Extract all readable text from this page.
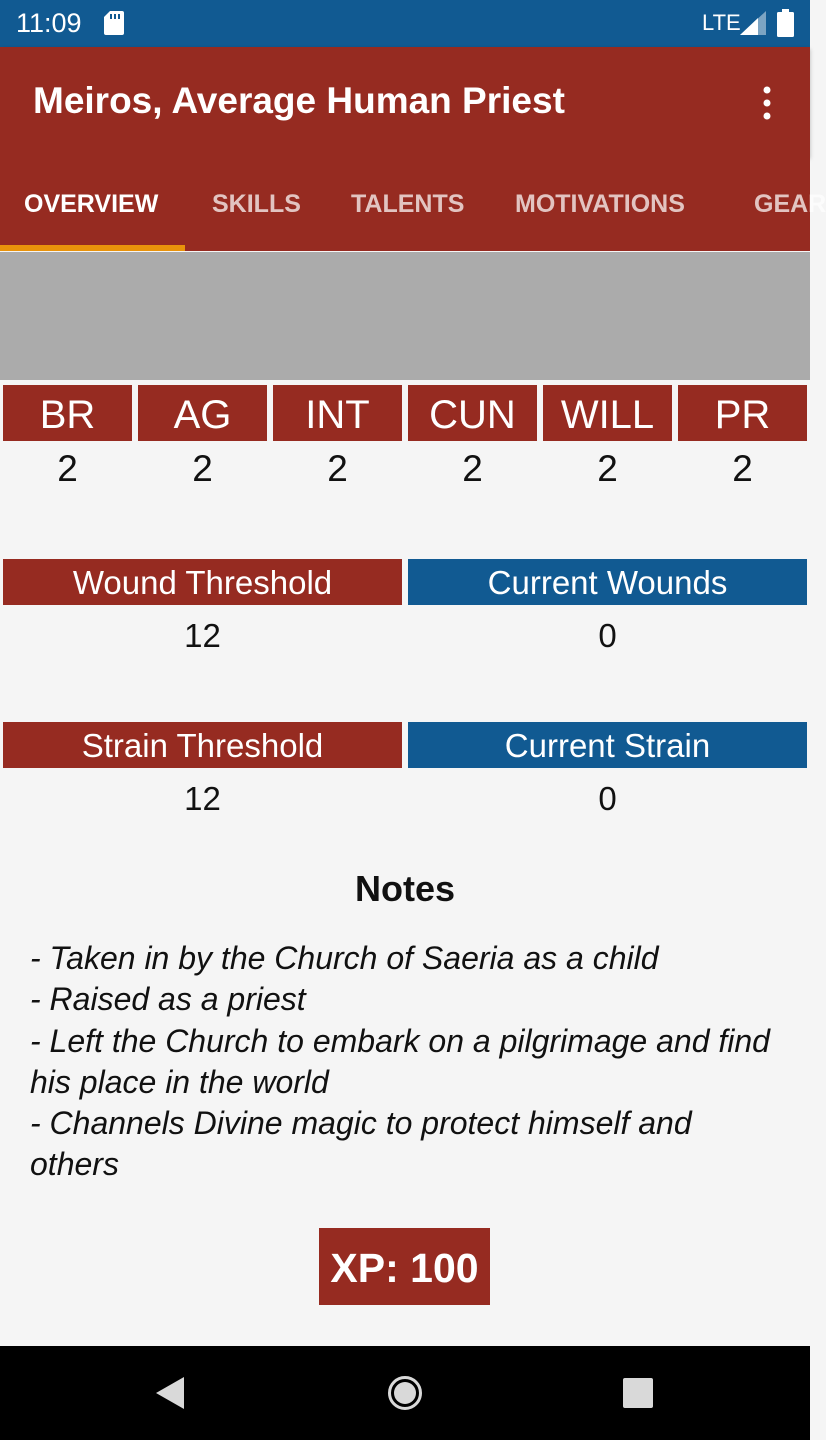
11:09	LTE
Meiros, Average Human Priest
OVERVIEW SKILLS TALENTS MOTIVATIONS	GEAR
BR	AG	INT	CUN	WILL	PR
2	2	2	2	2	2
Wound Threshold	Current Wounds
12	0
Strain Threshold	Current Strain
12	0
Notes
- Taken in by the Church of Saeria as a child
- Raised as a priest
- Left the Church to embark on a pilgrimage and find his place in the world
- Channels Divine magic to protect himself and others
XP: 100
